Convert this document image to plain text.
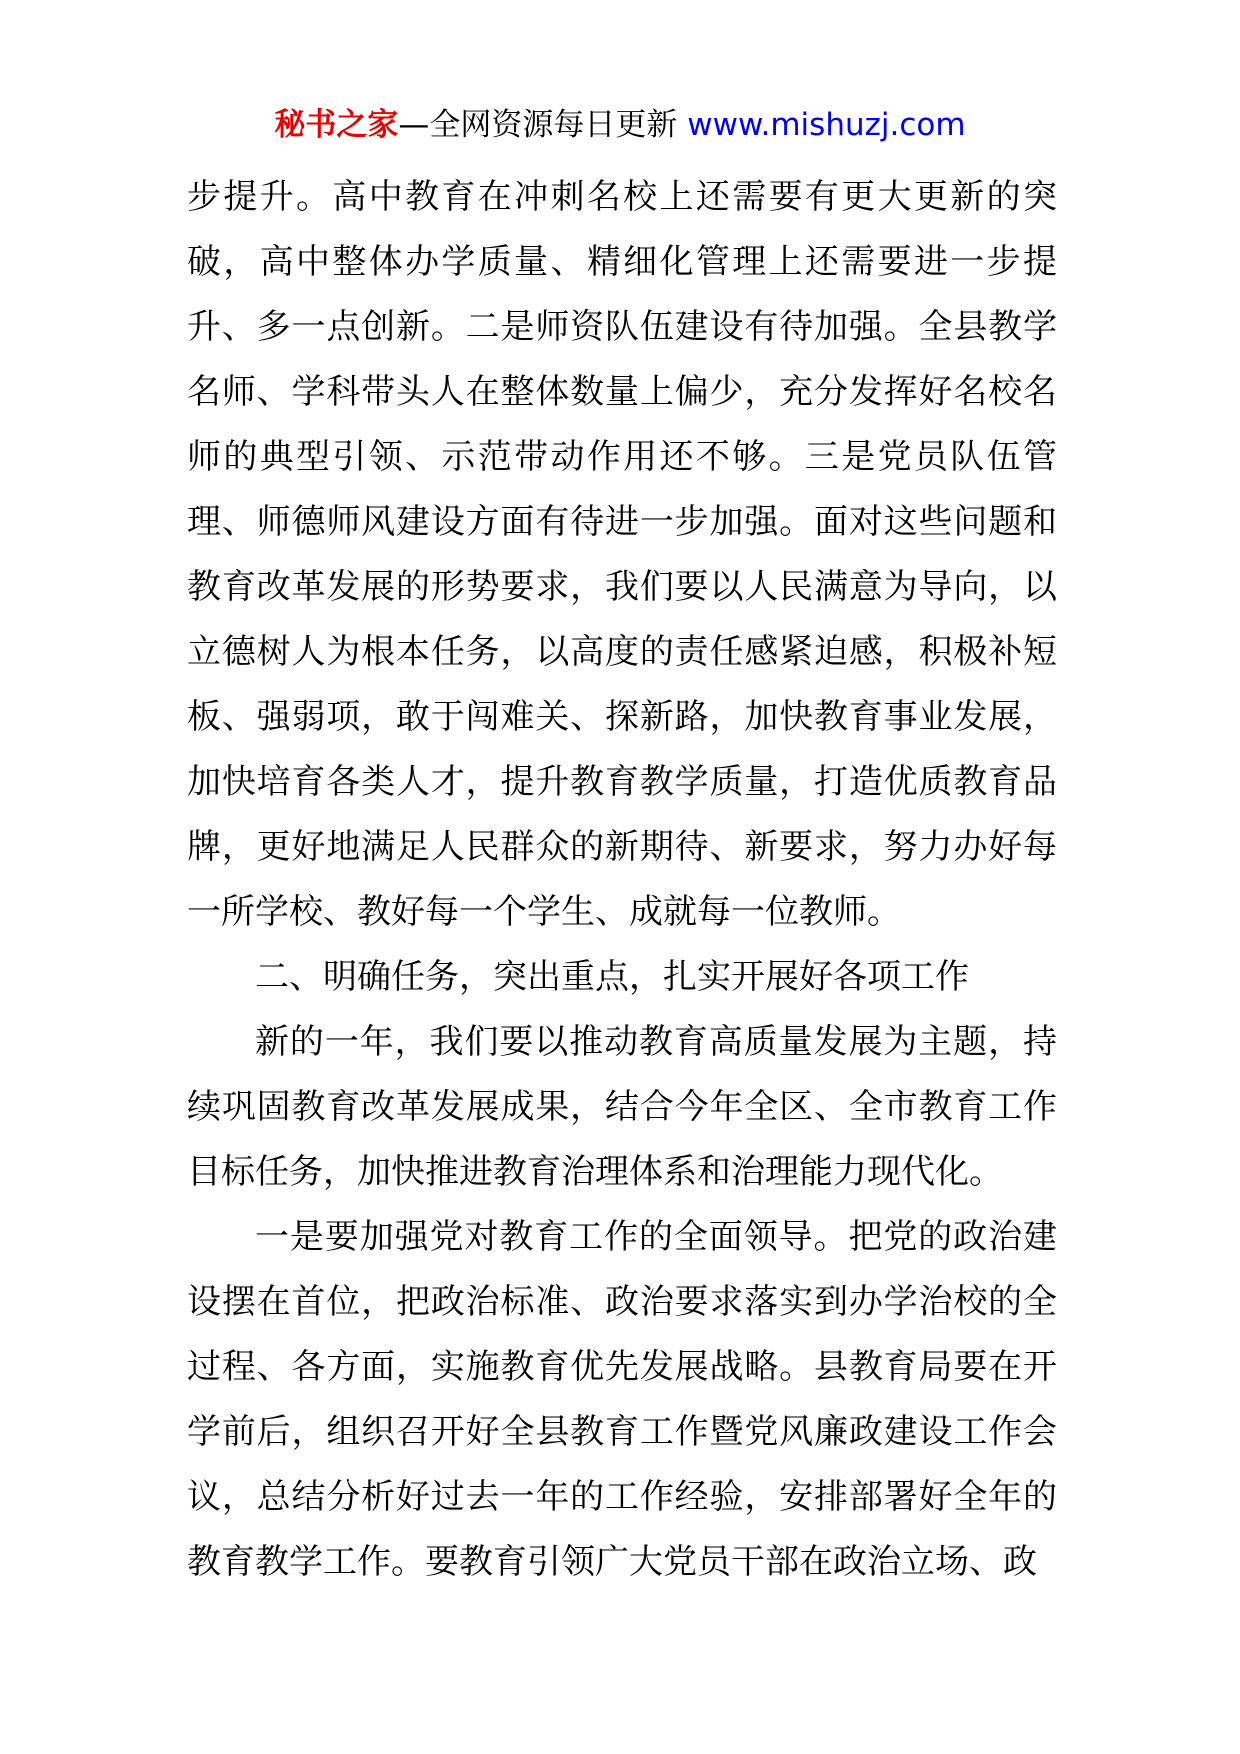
秘书之家—全网资源每日更新 www.mishuzj.com

步提升。高中教育在冲刺名校上还需要有更大更新的突破，高中整体办学质量、精细化管理上还需要进一步提升、多一点创新。二是师资队伍建设有待加强。全县教学名师、学科带头人在整体数量上偏少，充分发挥好名校名师的典型引领、示范带动作用还不够。三是党员队伍管理、师德师风建设方面有待进一步加强。面对这些问题和教育改革发展的形势要求，我们要以人民满意为导向，以立德树人为根本任务，以高度的责任感紧迫感，积极补短板、强弱项，敢于闯难关、探新路，加快教育事业发展，加快培育各类人才，提升教育教学质量，打造优质教育品牌，更好地满足人民群众的新期待、新要求，努力办好每一所学校、教好每一个学生、成就每一位教师。

二、明确任务，突出重点，扎实开展好各项工作

新的一年，我们要以推动教育高质量发展为主题，持续巩固教育改革发展成果，结合今年全区、全市教育工作目标任务，加快推进教育治理体系和治理能力现代化。

一是要加强党对教育工作的全面领导。把党的政治建设摆在首位，把政治标准、政治要求落实到办学治校的全过程、各方面，实施教育优先发展战略。县教育局要在开学前后，组织召开好全县教育工作暨党风廉政建设工作会议，总结分析好过去一年的工作经验，安排部署好全年的教育教学工作。要教育引领广大党员干部在政治立场、政
